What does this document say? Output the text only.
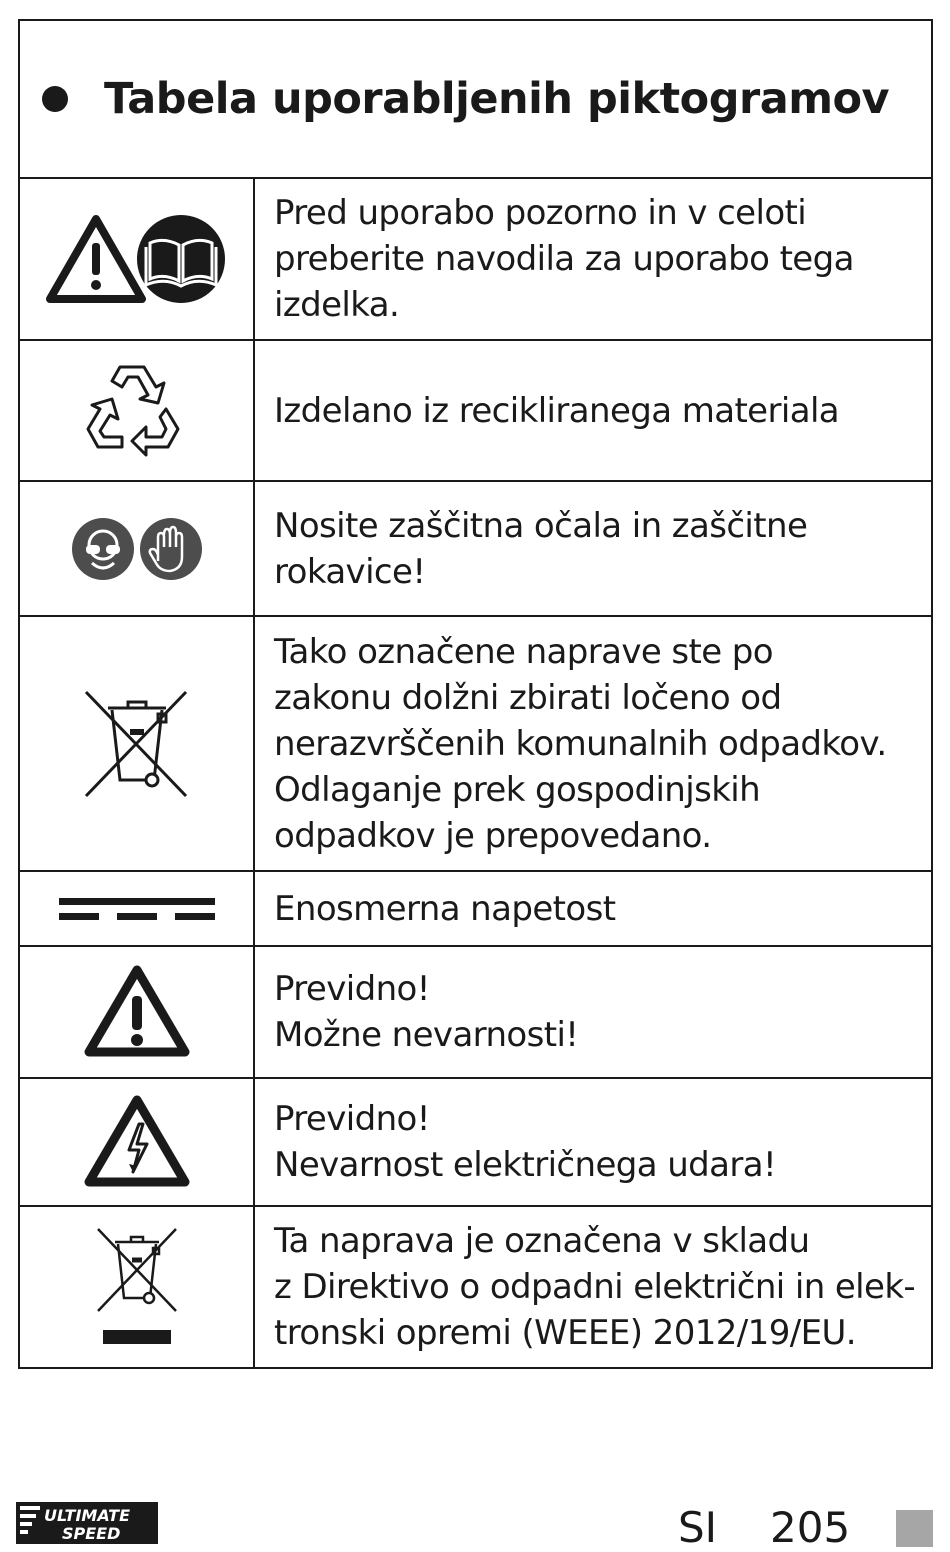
Tabela uporabljenih piktogramov
Pred uporabo pozorno in v celoti
preberite navodila za uporabo tega
izdelka.
Izdelano iz recikliranega materiala
Nosite zaščitna očala in zaščitne
rokavice!
Tako označene naprave ste po
zakonu dolžni zbirati ločeno od
nerazvrščenih komunalnih odpadkov.
Odlaganje prek gospodinjskih
odpadkov je prepovedano.
Enosmerna napetost
Previdno!
Možne nevarnosti!
Previdno!
Nevarnost električnega udara!
Ta naprava je označena v skladu
z Direktivo o odpadni električni in elek-
tronski opremi (WEEE) 2012/19/EU.
ULTIMATE
SPEED	SI 205
